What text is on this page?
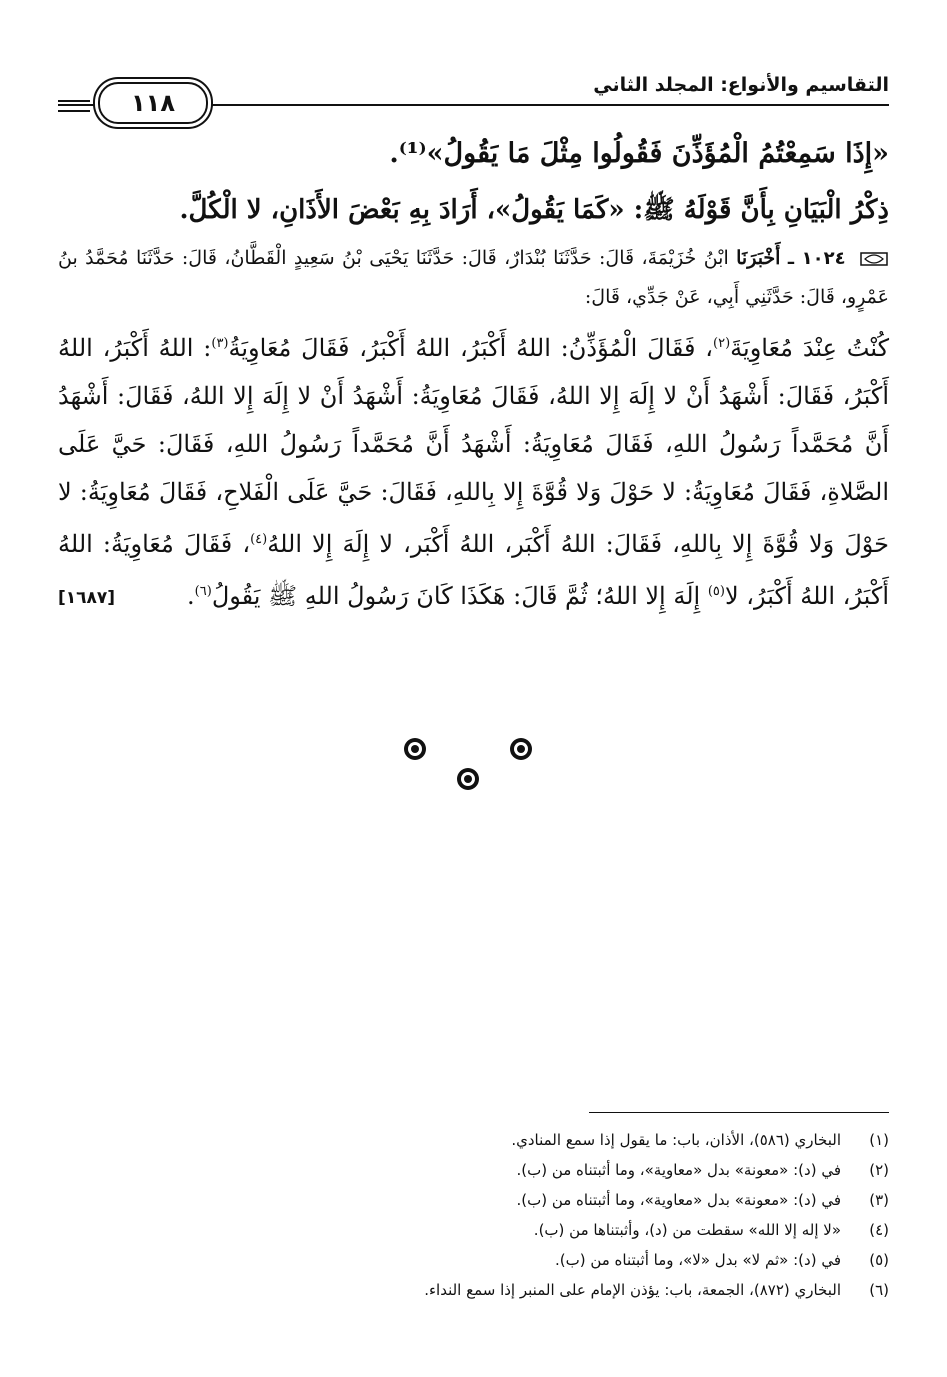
التقاسيم والأنواع: المجلد الثاني
١١٨
«إِذَا سَمِعْتُمُ الْمُؤَذِّنَ فَقُولُوا مِثْلَ مَا يَقُولُ»⁽¹⁾.
ذِكْرُ الْبَيَانِ بِأَنَّ قَوْلَهُ ﷺ: «كَمَا يَقُولُ»، أَرَادَ بِهِ بَعْضَ الأَذَانِ، لا الْكُلَّ.
١٠٢٤ ـ أَخْبَرَنَا ابْنُ خُزَيْمَةَ، قَالَ: حَدَّثَنَا بُنْدَارٌ، قَالَ: حَدَّثَنَا يَحْيَى بْنُ سَعِيدٍ الْقَطَّانُ، قَالَ: حَدَّثَنَا مُحَمَّدُ بنُ عَمْرٍو، قَالَ: حَدَّثَنِي أَبِي، عَنْ جَدِّي، قَالَ:
كُنْتُ عِنْدَ مُعَاوِيَةَ$^{(٢)}$، فَقَالَ الْمُؤَذِّنُ: اللهُ أَكْبَرُ، اللهُ أَكْبَرُ، فَقَالَ مُعَاوِيَةُ$^{(٣)}$: اللهُ أَكْبَرُ، اللهُ أَكْبَرُ، فَقَالَ: أَشْهَدُ أَنْ لا إِلَهَ إِلا اللهُ، فَقَالَ مُعَاوِيَةُ: أَشْهَدُ أَنْ لا إِلَهَ إِلا اللهُ، فَقَالَ: أَشْهَدُ أَنَّ مُحَمَّداً رَسُولُ اللهِ، فَقَالَ مُعَاوِيَةُ: أَشْهَدُ أَنَّ مُحَمَّداً رَسُولُ اللهِ، فَقَالَ: حَيَّ عَلَى الصَّلاةِ، فَقَالَ مُعَاوِيَةُ: لا حَوْلَ وَلا قُوَّةَ إِلا بِاللهِ، فَقَالَ: حَيَّ عَلَى الْفَلاحِ، فَقَالَ مُعَاوِيَةُ: لا حَوْلَ وَلا قُوَّةَ إِلا بِاللهِ، فَقَالَ: اللهُ أَكْبَر، اللهُ أَكْبَر، لا إِلَهَ إِلا اللهُ$^{(٤)}$، فَقَالَ مُعَاوِيَةُ: اللهُ أَكْبَرُ، اللهُ أَكْبَرُ، لا$^{(٥)}$ إِلَهَ إِلا اللهُ؛ ثُمَّ قَالَ: هَكَذَا كَانَ رَسُولُ اللهِ ﷺ يَقُولُ$^{(٦)}$.
[١٦٨٧]
(١)البخاري (٥٨٦)، الأذان، باب: ما يقول إذا سمع المنادي.
(٢)في (د): «معونة» بدل «معاوية»، وما أثبتناه من (ب).
(٣)في (د): «معونة» بدل «معاوية»، وما أثبتناه من (ب).
(٤)«لا إله إلا الله» سقطت من (د)، وأثبتناها من (ب).
(٥)في (د): «ثم لا» بدل «لا»، وما أثبتناه من (ب).
(٦)البخاري (٨٧٢)، الجمعة، باب: يؤذن الإمام على المنبر إذا سمع النداء.
